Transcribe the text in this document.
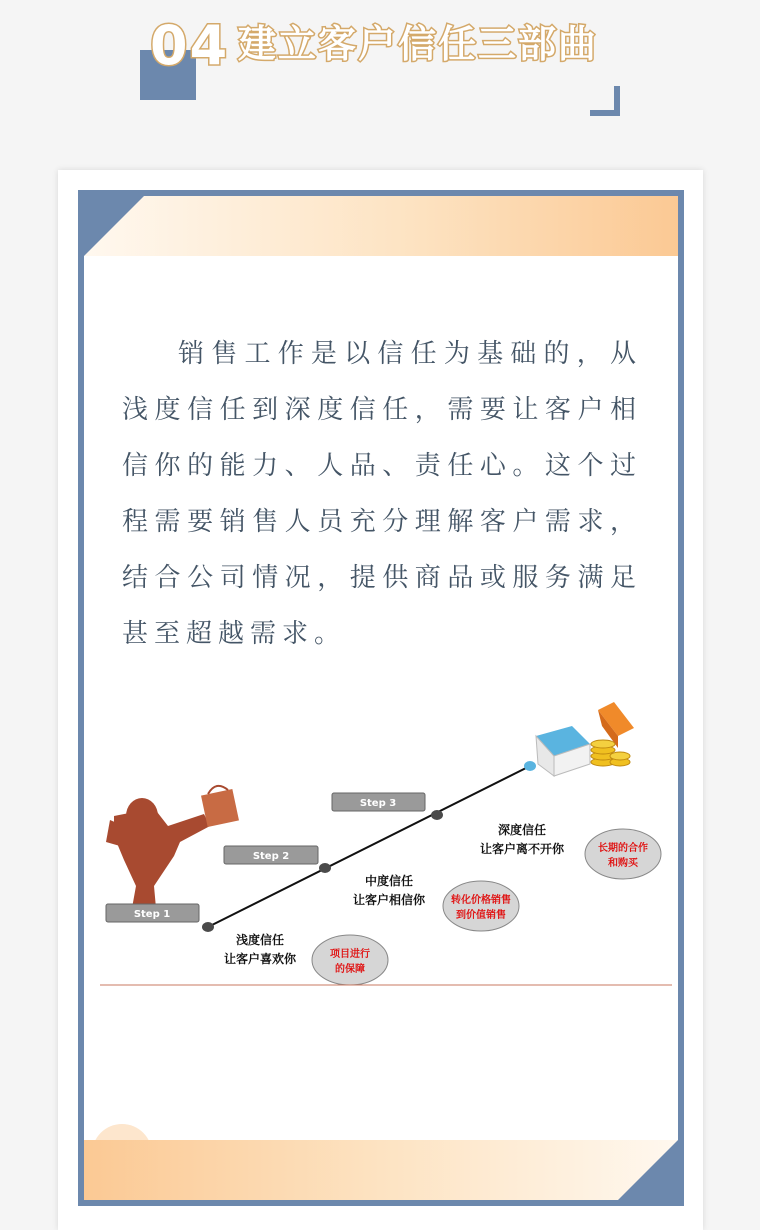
04 建立客户信任三部曲

销售工作是以信任为基础的，从浅度信任到深度信任，需要让客户相信你的能力、人品、责任心。这个过程需要销售人员充分理解客户需求，结合公司情况，提供商品或服务满足甚至超越需求。

Step 1
Step 2
Step 3
浅度信任
让客户喜欢你
中度信任
让客户相信你
深度信任
让客户离不开你
项目进行
的保障
转化价格销售
到价值销售
长期的合作
和购买
